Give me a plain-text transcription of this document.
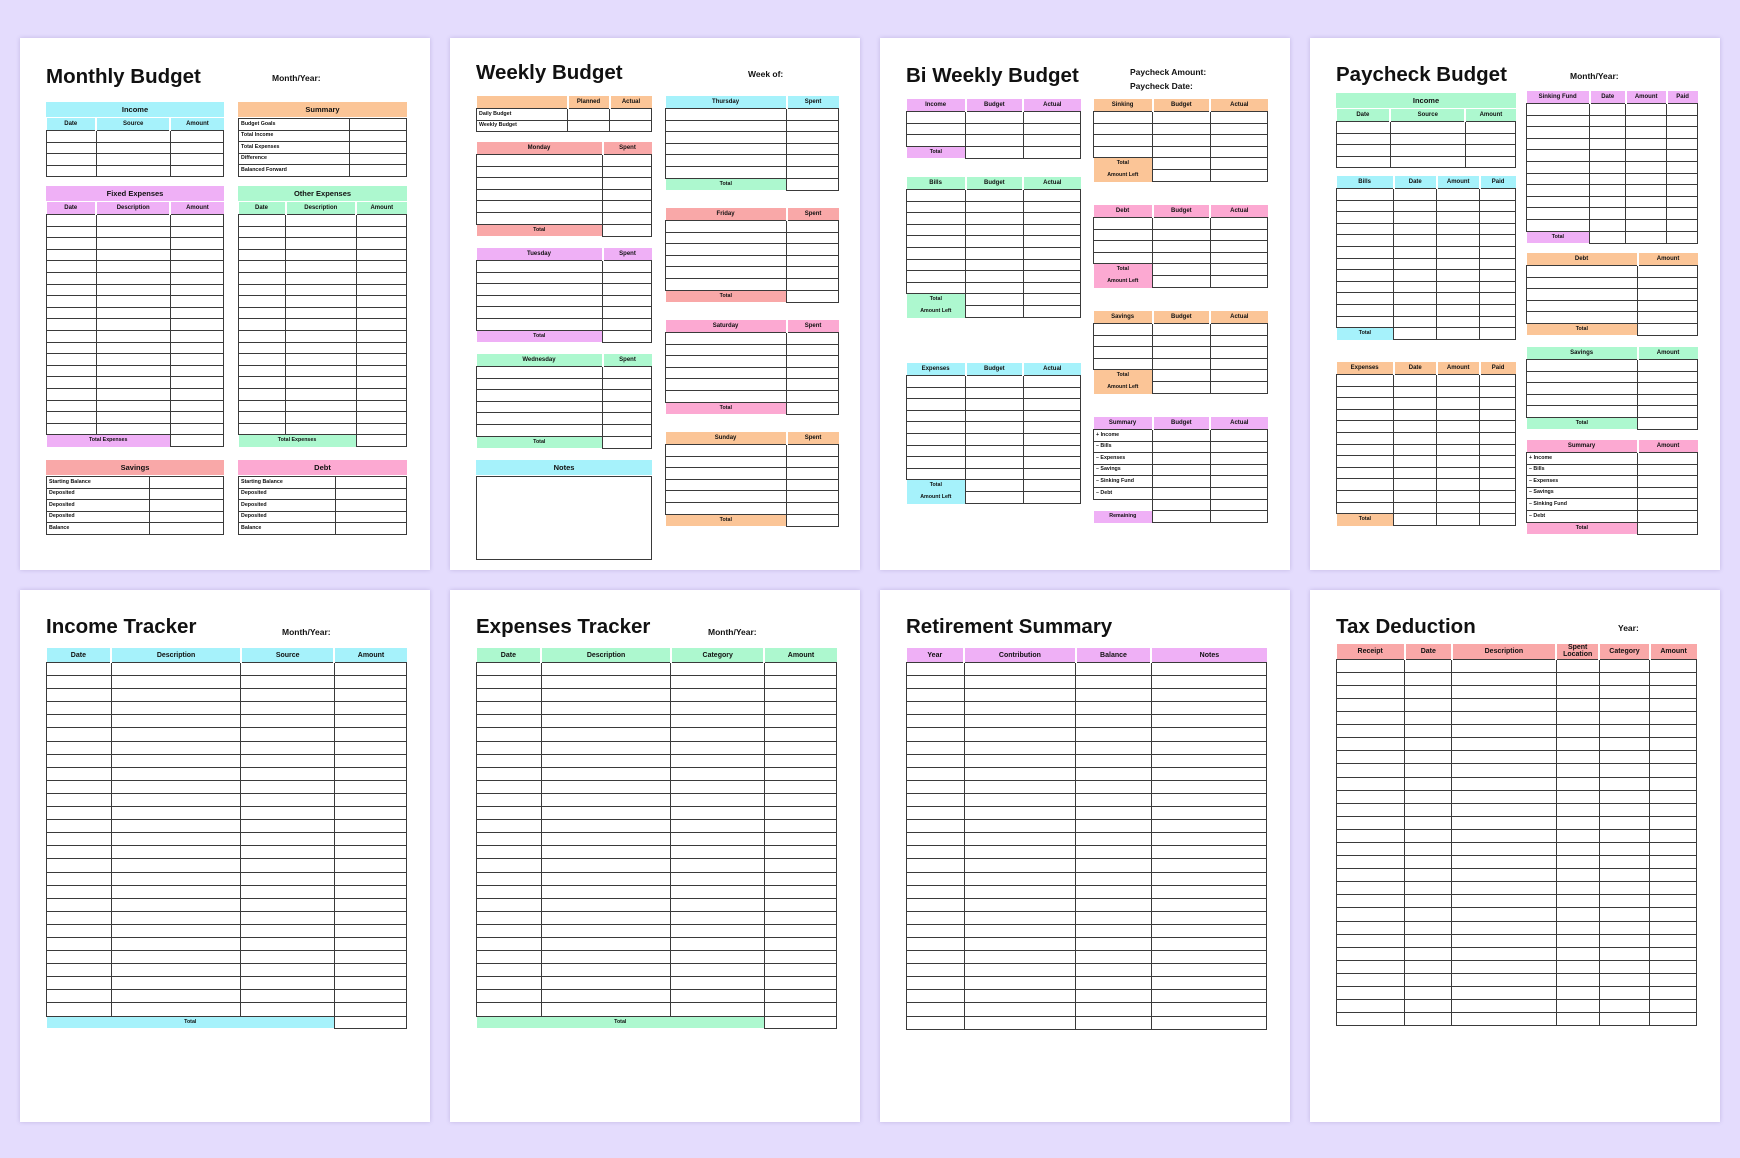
Monthly Budget	Month/Year:
Income
Date	Source	Amount

Summary
Budget Goals	
Total Income	
Total Expenses	
Difference	
Balanced Forward	
Fixed Expenses
Date	Description	Amount

Total Expenses		
Other Expenses
Date	Description	Amount

Total Expenses		
Savings
Starting Balance	
Deposited	
Deposited	
Deposited	
Balance	
Debt
Starting Balance	
Deposited	
Deposited	
Deposited	
Balance	
Weekly Budget	Week of:
	Planned	Actual
Daily Budget		
Weekly Budget		
Monday	Spent

Total	
Tuesday	Spent

Total	
Wednesday	Spent

Total	
Notes
Thursday	Spent

Total	
Friday	Spent

Total	
Saturday	Spent

Total	
Sunday	Spent

Total	
Bi Weekly Budget	Paycheck Amount:
Paycheck Date:
Income	Budget	Actual

Total		
Bills	Budget	Actual

Total		
Amount Left		
Expenses	Budget	Actual

Total		
Amount Left		
Sinking	Budget	Actual

Total		
Amount Left		
Debt	Budget	Actual

Total		
Amount Left		
Savings	Budget	Actual

Total		
Amount Left		
Summary	Budget	Actual
+ Income		
– Bills		
– Expenses		
– Savings		
– Sinking Fund		
– Debt		

Remaining		
Paycheck Budget	Month/Year:
Income
Date	Source	Amount

Bills	Date	Amount	Paid

Total			
Expenses	Date	Amount	Paid

Total			
Sinking Fund	Date	Amount	Paid

Total			
Debt	Amount

Total	
Savings	Amount

Total	
Summary	Amount
+ Income	
– Bills	
– Expenses	
– Savings	
– Sinking Fund	
– Debt	
Total	
Income Tracker	Month/Year:
Date	Description	Source	Amount

Total			
Expenses Tracker	Month/Year:
Date	Description	Category	Amount

Total			
Retirement Summary
Year	Contribution	Balance	Notes

Tax Deduction	Year:
Receipt	Date	Description	Spent Location	Category	Amount
